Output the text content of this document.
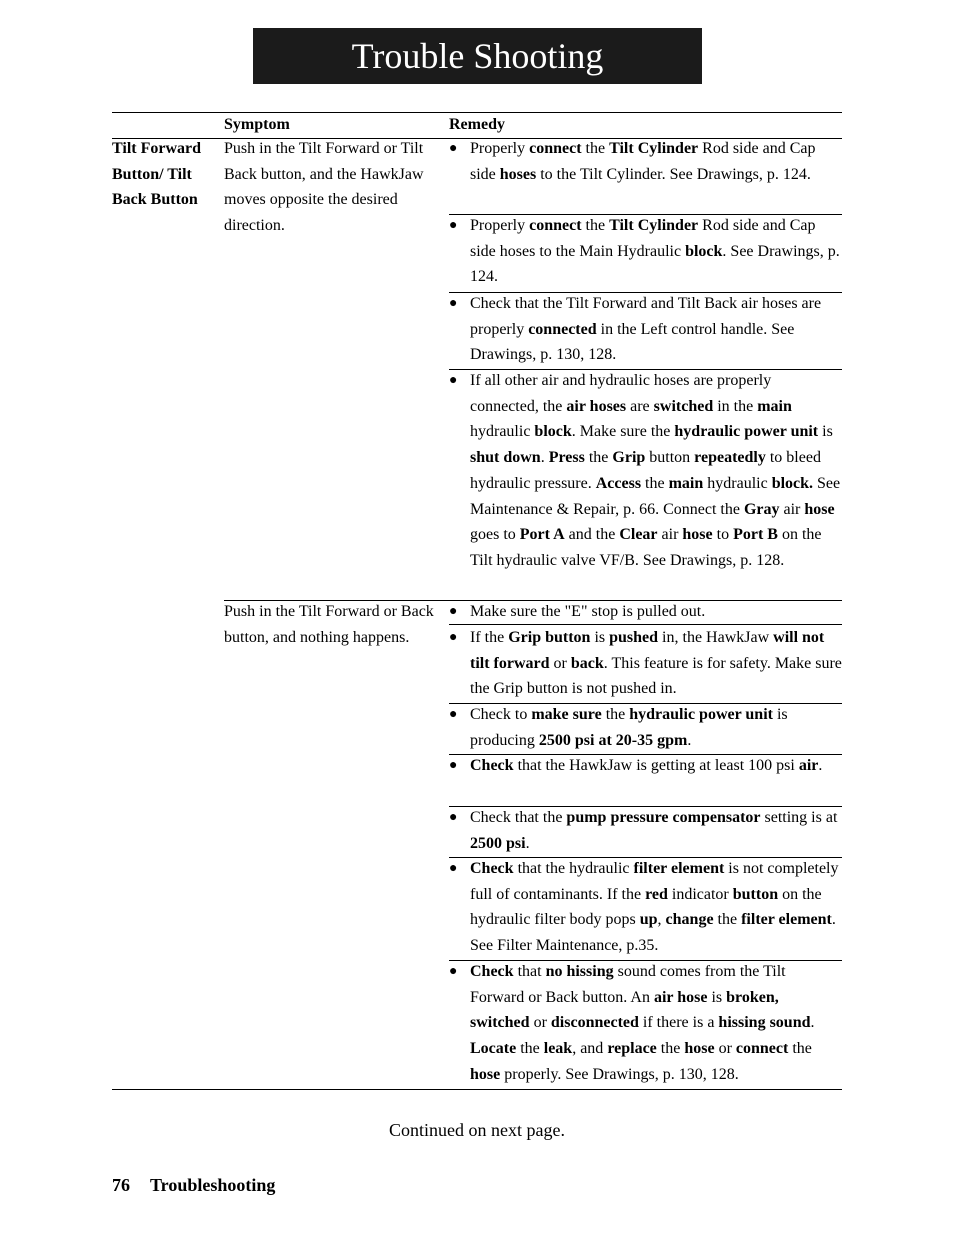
Trouble Shooting
Symptom	Remedy
Tilt Forward Button/ Tilt Back Button
Push in the Tilt Forward or Tilt Back button, and the HawkJaw moves opposite the desired direction.
Push in the Tilt Forward or Back button, and nothing happens.
● Properly connect the Tilt Cylinder Rod side and Cap side hoses to the Tilt Cylinder. See Drawings, p. 124.
● Properly connect the Tilt Cylinder Rod side and Cap side hoses to the Main Hydraulic block. See Drawings, p. 124.
● Check that the Tilt Forward and Tilt Back air hoses are properly connected in the Left control handle. See Drawings, p. 130, 128.
● If all other air and hydraulic hoses are properly connected, the air hoses are switched in the main hydraulic block. Make sure the hydraulic power unit is shut down. Press the Grip button repeatedly to bleed hydraulic pressure. Access the main hydraulic block. See Maintenance & Repair, p. 66. Connect the Gray air hose goes to Port A and the Clear air hose to Port B on the Tilt hydraulic valve VF/B. See Drawings, p. 128.
● Make sure the "E" stop is pulled out.
● If the Grip button is pushed in, the HawkJaw will not tilt forward or back. This feature is for safety. Make sure the Grip button is not pushed in.
● Check to make sure the hydraulic power unit is producing 2500 psi at 20-35 gpm.
● Check that the HawkJaw is getting at least 100 psi air.
● Check that the pump pressure compensator setting is at 2500 psi.
● Check that the hydraulic filter element is not completely full of contaminants. If the red indicator button on the hydraulic filter body pops up, change the filter element. See Filter Maintenance, p.35.
● Check that no hissing sound comes from the Tilt Forward or Back button. An air hose is broken, switched or disconnected if there is a hissing sound. Locate the leak, and replace the hose or connect the hose properly. See Drawings, p. 130, 128.
Continued on next page.
76 Troubleshooting
